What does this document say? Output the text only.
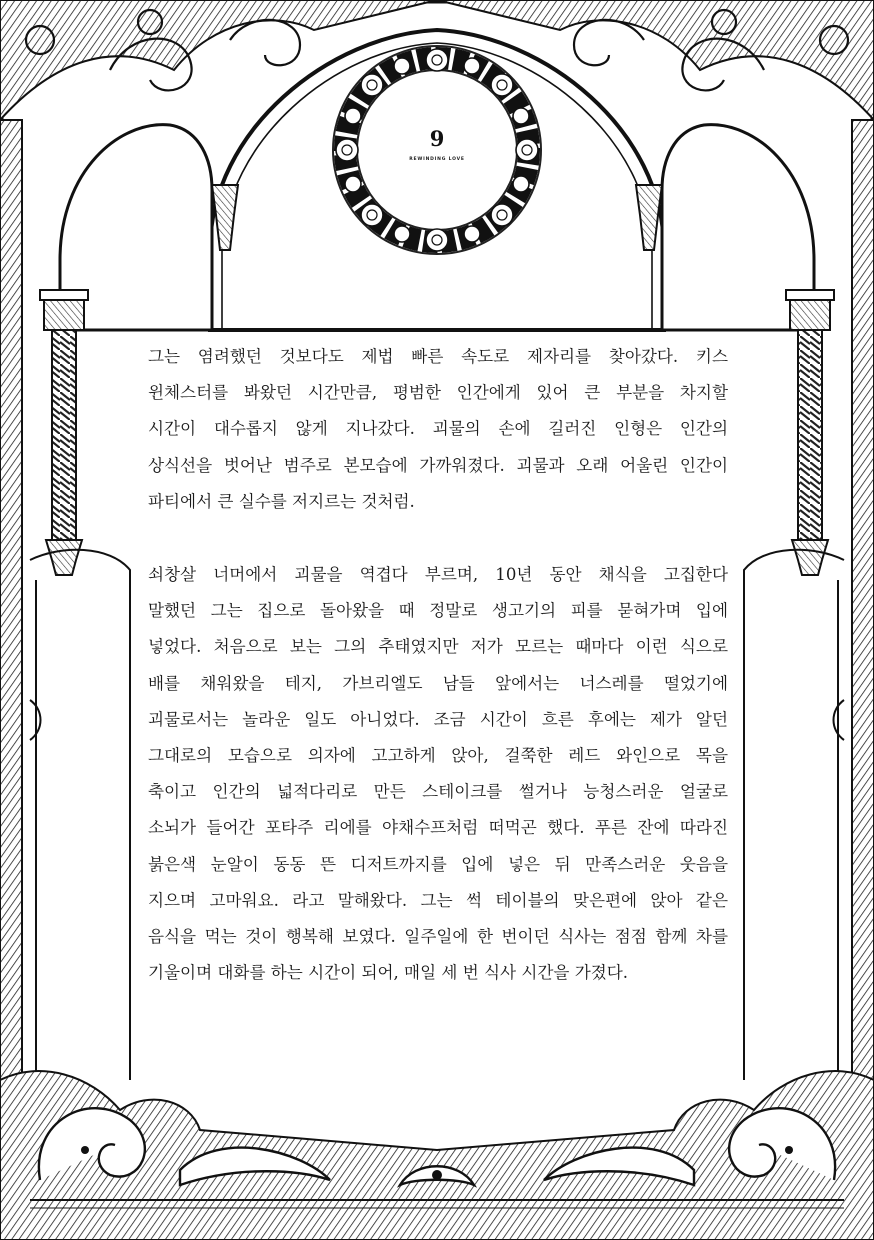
9
REWINDING LOVE

그는 염려했던 것보다도 제법 빠른 속도로 제자리를 찾아갔다. 키스
윈체스터를 봐왔던 시간만큼, 평범한 인간에게 있어 큰 부분을 차지할
시간이 대수롭지 않게 지나갔다. 괴물의 손에 길러진 인형은 인간의
상식선을 벗어난 범주로 본모습에 가까워졌다. 괴물과 오래 어울린 인간이
파티에서 큰 실수를 저지르는 것처럼.

쇠창살 너머에서 괴물을 역겹다 부르며, 10년 동안 채식을 고집한다
말했던 그는 집으로 돌아왔을 때 정말로 생고기의 피를 묻혀가며 입에
넣었다. 처음으로 보는 그의 추태였지만 저가 모르는 때마다 이런 식으로
배를 채워왔을 테지, 가브리엘도 남들 앞에서는 너스레를 떨었기에
괴물로서는 놀라운 일도 아니었다. 조금 시간이 흐른 후에는 제가 알던
그대로의 모습으로 의자에 고고하게 앉아, 걸쭉한 레드 와인으로 목을
축이고 인간의 넓적다리로 만든 스테이크를 썰거나 능청스러운 얼굴로
소뇌가 들어간 포타주 리에를 야채수프처럼 떠먹곤 했다. 푸른 잔에 따라진
붉은색 눈알이 동동 뜬 디저트까지를 입에 넣은 뒤 만족스러운 웃음을
지으며 고마워요. 라고 말해왔다. 그는 썩 테이블의 맞은편에 앉아 같은
음식을 먹는 것이 행복해 보였다. 일주일에 한 번이던 식사는 점점 함께 차를
기울이며 대화를 하는 시간이 되어, 매일 세 번 식사 시간을 가졌다.
